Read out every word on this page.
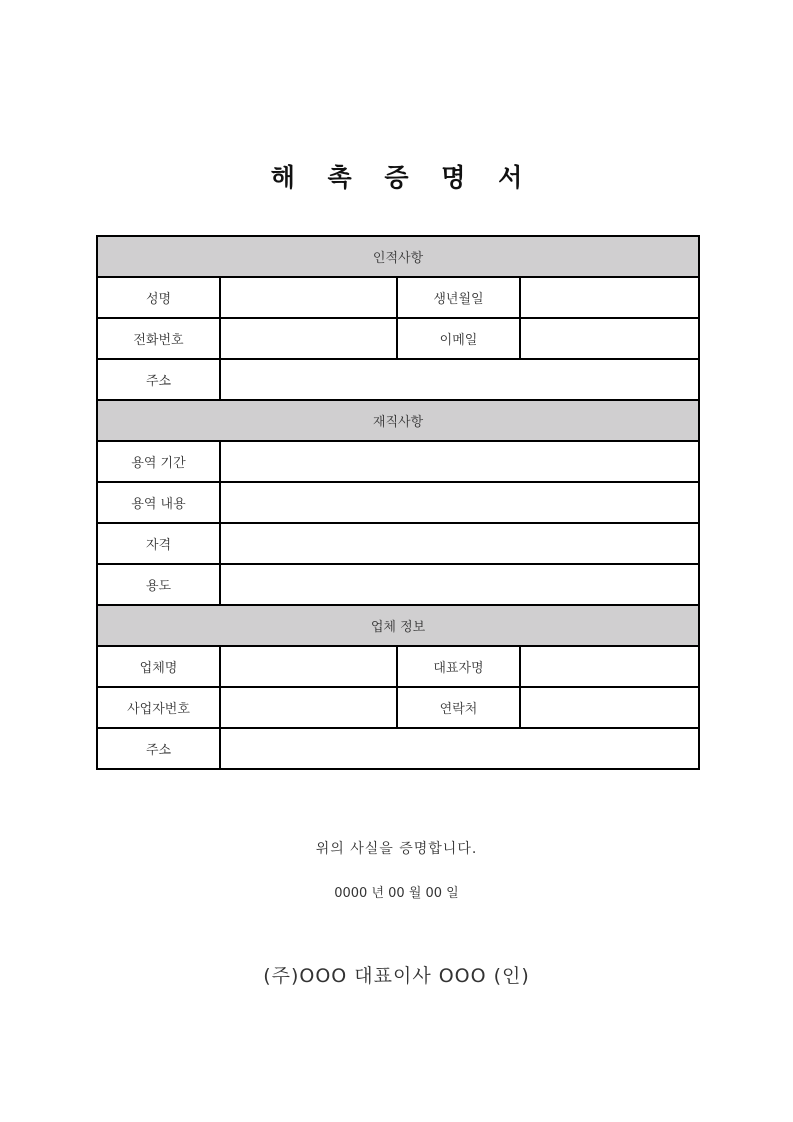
해 촉 증 명 서
인적사항			
성명		생년월일	

전화번호		이메일	

주소			

재직사항			
용역 기간			

용역 내용			

자격			

용도			

업체 정보			
업체명		대표자명	

사업자번호		연락처	

주소			
위의 사실을 증명합니다.
0000 년 00 월 00 일
(주)OOO 대표이사 OOO (인)
